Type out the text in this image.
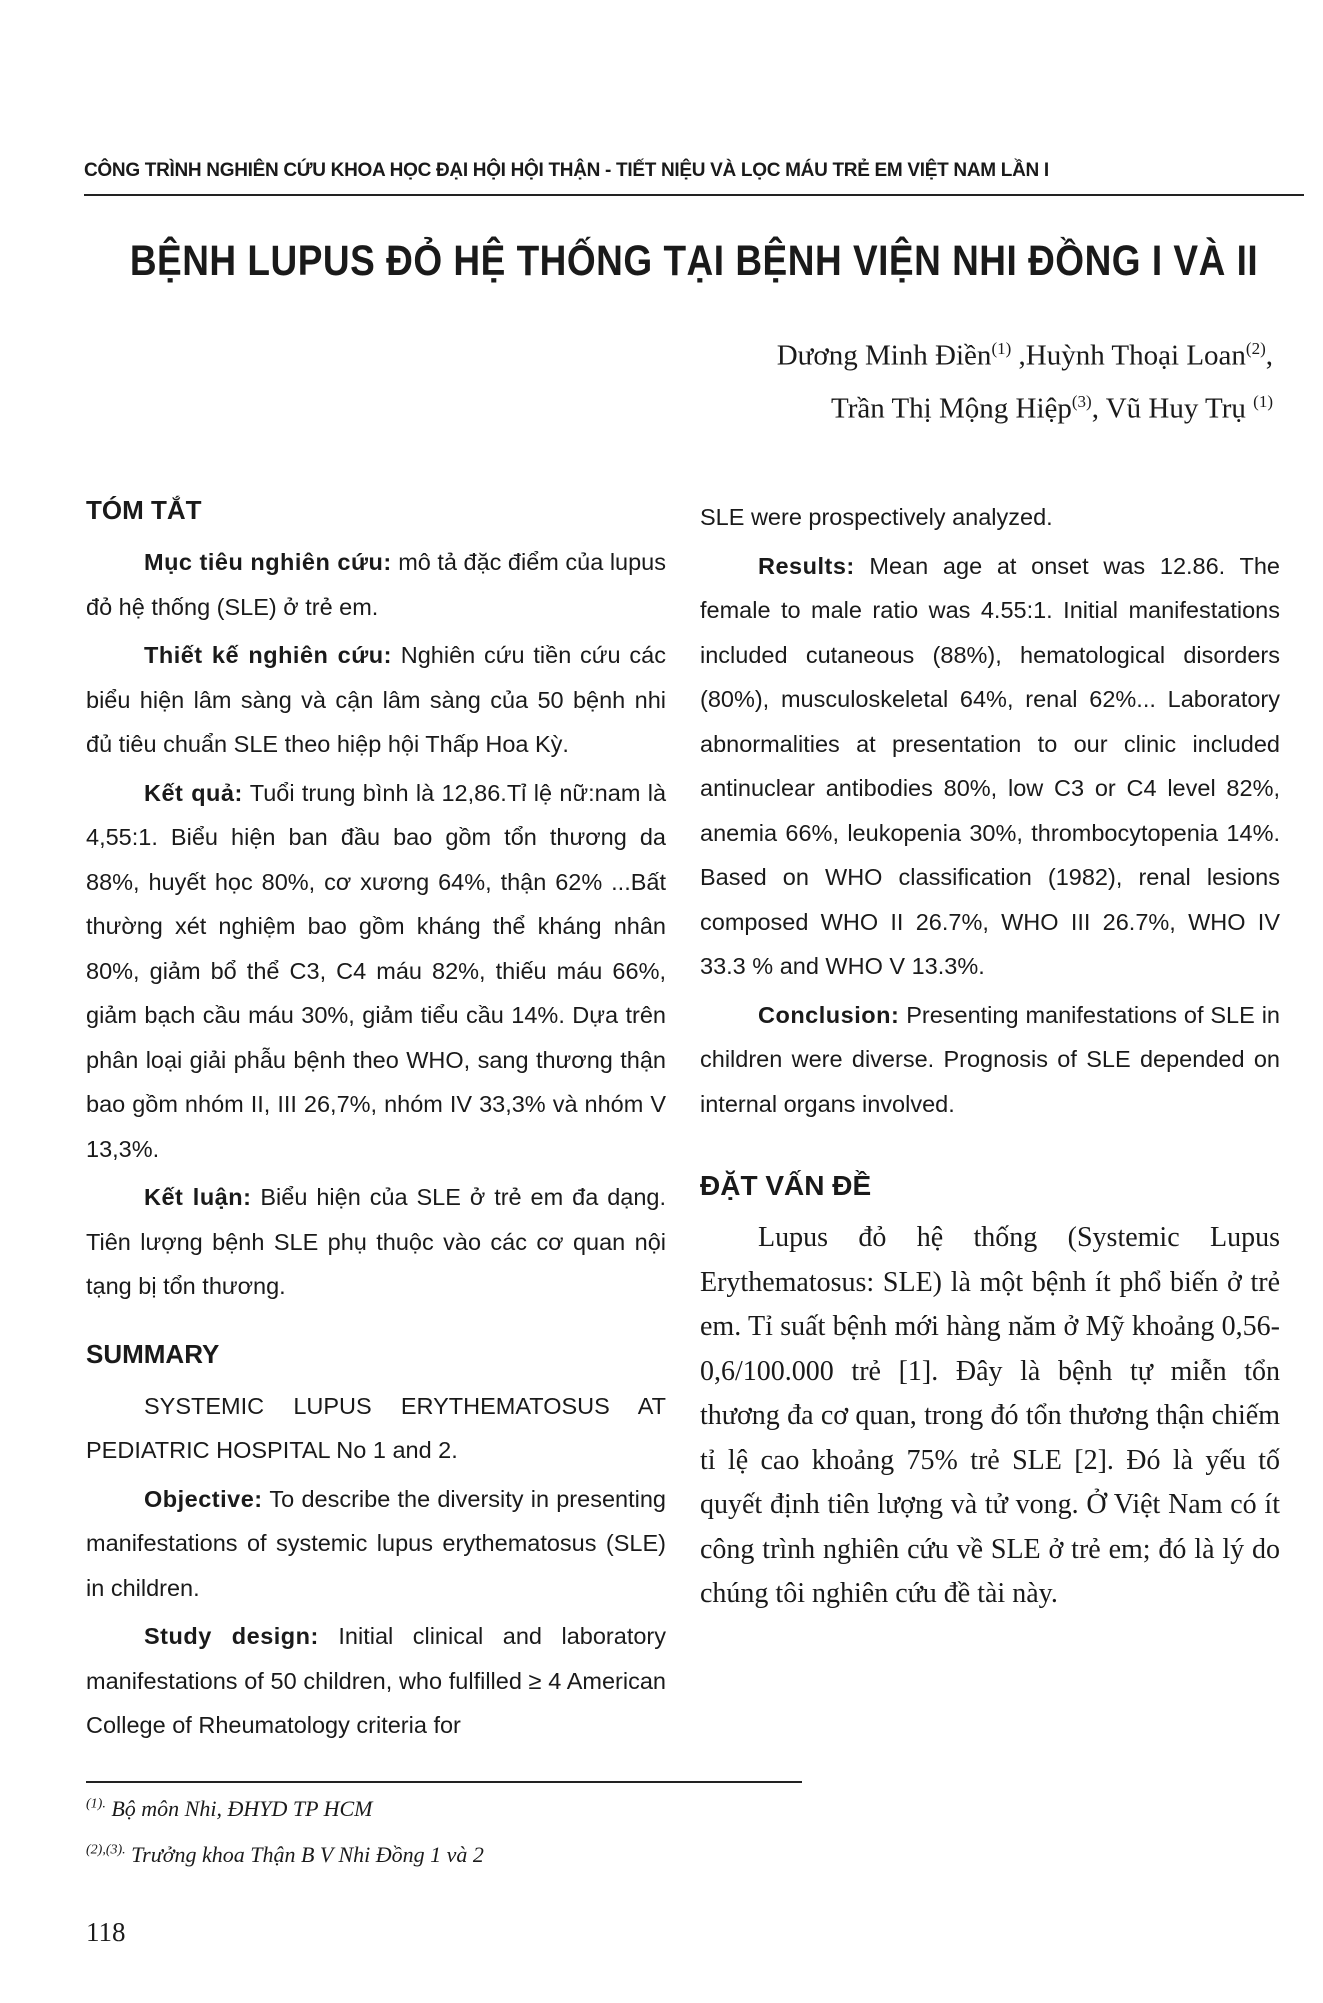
CÔNG TRÌNH NGHIÊN CỨU KHOA HỌC ĐẠI HỘI HỘI THẬN - TIẾT NIỆU VÀ LỌC MÁU TRẺ EM VIỆT NAM LẦN I
BỆNH LUPUS ĐỎ HỆ THỐNG TẠI BỆNH VIỆN NHI ĐỒNG I VÀ II
Dương Minh Điền$^{(1)}$ ,Huỳnh Thoại Loan$^{(2)}$,
Trần Thị Mộng Hiệp$^{(3)}$, Vũ Huy Trụ $^{(1)}$
TÓM TẮT

Mục tiêu nghiên cứu: mô tả đặc điểm của lupus đỏ hệ thống (SLE) ở trẻ em.

Thiết kế nghiên cứu: Nghiên cứu tiền cứu các biểu hiện lâm sàng và cận lâm sàng của 50 bệnh nhi đủ tiêu chuẩn SLE theo hiệp hội Thấp Hoa Kỳ.

Kết quả: Tuổi trung bình là 12,86.Tỉ lệ nữ:nam là 4,55:1. Biểu hiện ban đầu bao gồm tổn thương da 88%, huyết học 80%, cơ xương 64%, thận 62% ...Bất thường xét nghiệm bao gồm kháng thể kháng nhân 80%, giảm bổ thể C3, C4 máu 82%, thiếu máu 66%, giảm bạch cầu máu 30%, giảm tiểu cầu 14%. Dựa trên phân loại giải phẫu bệnh theo WHO, sang thương thận bao gồm nhóm II, III 26,7%, nhóm IV 33,3% và nhóm V 13,3%.

Kết luận: Biểu hiện của SLE ở trẻ em đa dạng. Tiên lượng bệnh SLE phụ thuộc vào các cơ quan nội tạng bị tổn thương.

SUMMARY

SYSTEMIC LUPUS ERYTHEMATOSUS AT PEDIATRIC HOSPITAL No 1 and 2.

Objective: To describe the diversity in presenting manifestations of systemic lupus erythematosus (SLE) in children.

Study design: Initial clinical and laboratory manifestations of 50 children, who fulfilled ≥ 4 American College of Rheumatology criteria for

SLE were prospectively analyzed.

Results: Mean age at onset was 12.86. The female to male ratio was 4.55:1. Initial manifestations included cutaneous (88%), hematological disorders (80%), musculoskeletal 64%, renal 62%... Laboratory abnormalities at presentation to our clinic included antinuclear antibodies 80%, low C3 or C4 level 82%, anemia 66%, leukopenia 30%, thrombocytopenia 14%. Based on WHO classification (1982), renal lesions composed WHO II 26.7%, WHO III 26.7%, WHO IV 33.3 % and WHO V 13.3%.

Conclusion: Presenting manifestations of SLE in children were diverse. Prognosis of SLE depended on internal organs involved.

ĐẶT VẤN ĐỀ

Lupus đỏ hệ thống (Systemic Lupus Erythematosus: SLE) là một bệnh ít phổ biến ở trẻ em. Tỉ suất bệnh mới hàng năm ở Mỹ khoảng 0,56-0,6/100.000 trẻ [1]. Đây là bệnh tự miễn tổn thương đa cơ quan, trong đó tổn thương thận chiếm tỉ lệ cao khoảng 75% trẻ SLE [2]. Đó là yếu tố quyết định tiên lượng và tử vong. Ở Việt Nam có ít công trình nghiên cứu về SLE ở trẻ em; đó là lý do chúng tôi nghiên cứu đề tài này.

$^{(1).}$ Bộ môn Nhi, ĐHYD TP HCM
$^{(2),(3).}$ Trưởng khoa Thận B V Nhi Đồng 1 và 2
118
